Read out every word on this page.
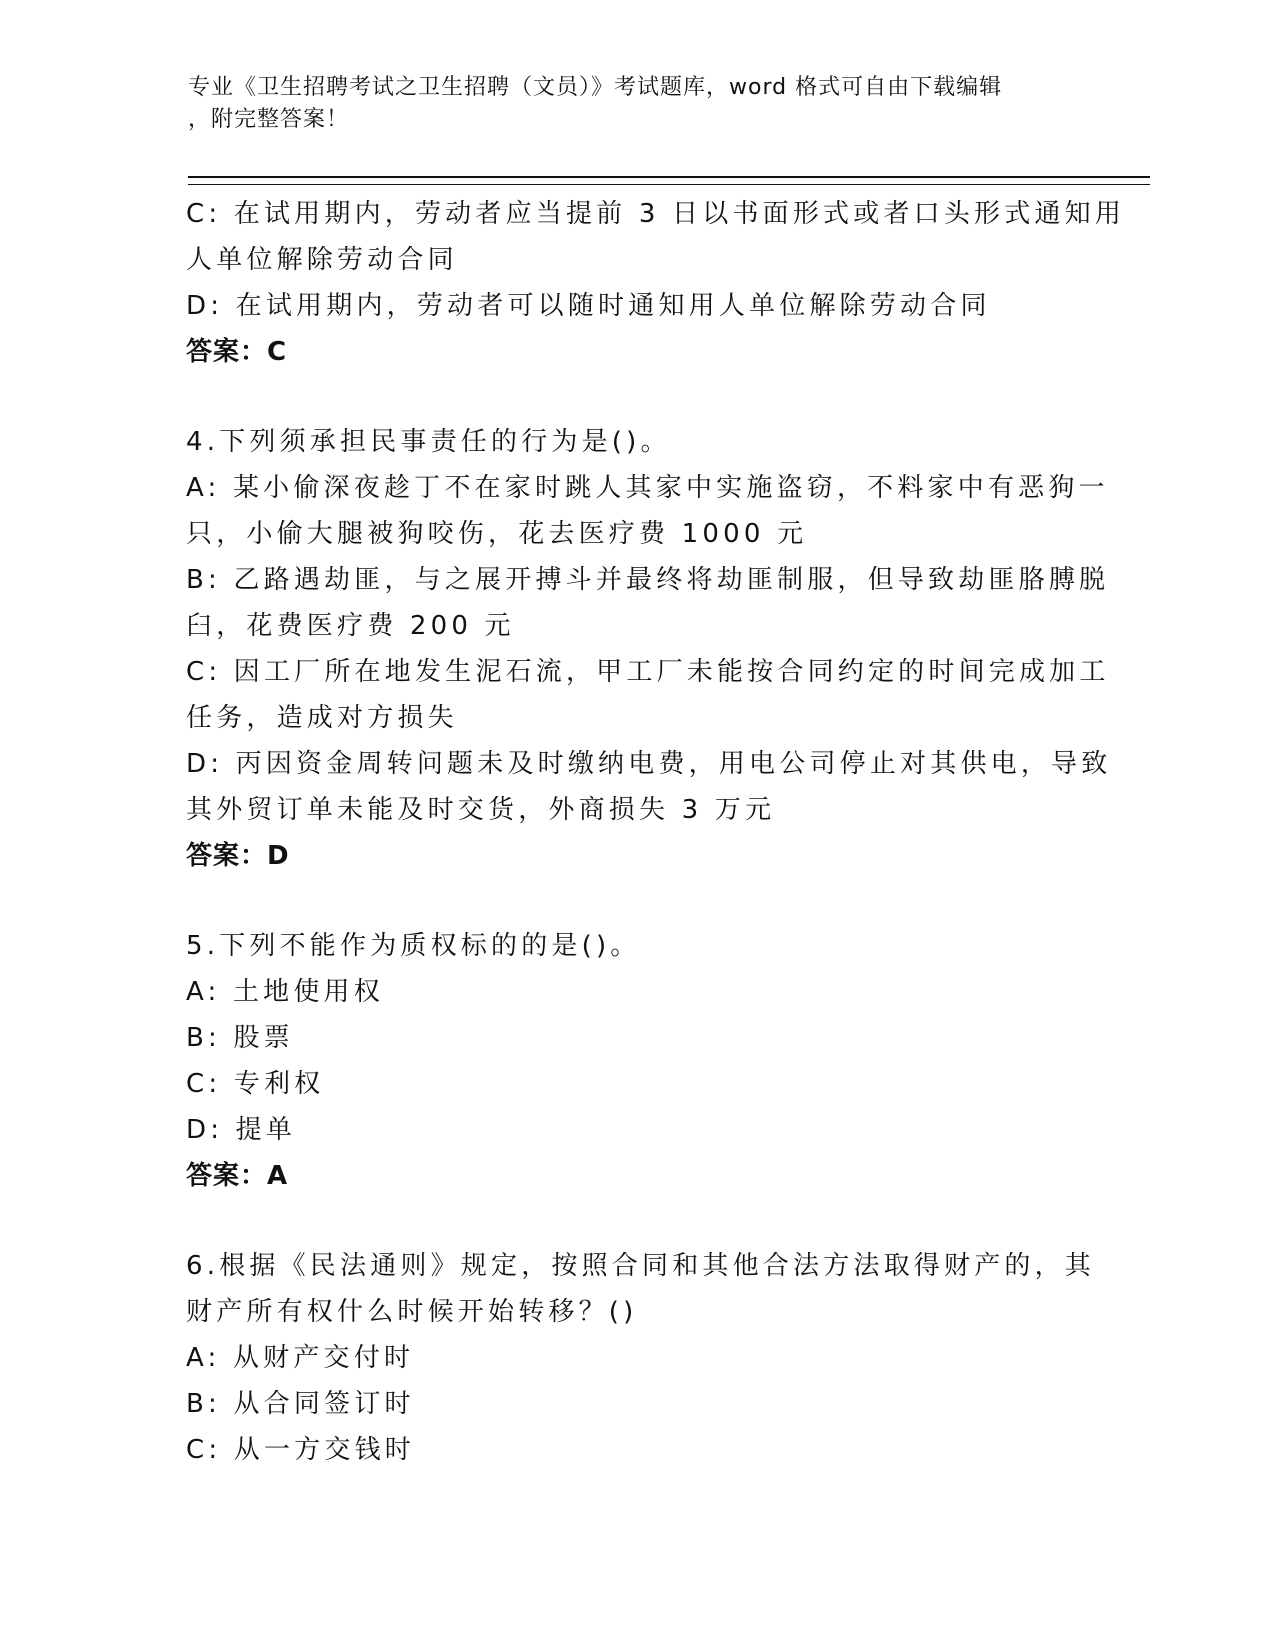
专业《卫生招聘考试之卫生招聘（文员）》考试题库，word 格式可自由下载编辑
，附完整答案！

C: 在试用期内，劳动者应当提前 3 日以书面形式或者口头形式通知用

人单位解除劳动合同

D: 在试用期内，劳动者可以随时通知用人单位解除劳动合同

答案：C

4.下列须承担民事责任的行为是()。

A: 某小偷深夜趁丁不在家时跳人其家中实施盗窃，不料家中有恶狗一

只，小偷大腿被狗咬伤，花去医疗费 1000 元

B: 乙路遇劫匪，与之展开搏斗并最终将劫匪制服，但导致劫匪胳膊脱

臼，花费医疗费 200 元

C: 因工厂所在地发生泥石流，甲工厂未能按合同约定的时间完成加工

任务，造成对方损失

D: 丙因资金周转问题未及时缴纳电费，用电公司停止对其供电，导致

其外贸订单未能及时交货，外商损失 3 万元

答案：D

5.下列不能作为质权标的的是()。

A: 土地使用权

B: 股票

C: 专利权

D: 提单

答案：A

6.根据《民法通则》规定，按照合同和其他合法方法取得财产的，其

财产所有权什么时候开始转移？()

A: 从财产交付时

B: 从合同签订时

C: 从一方交钱时
